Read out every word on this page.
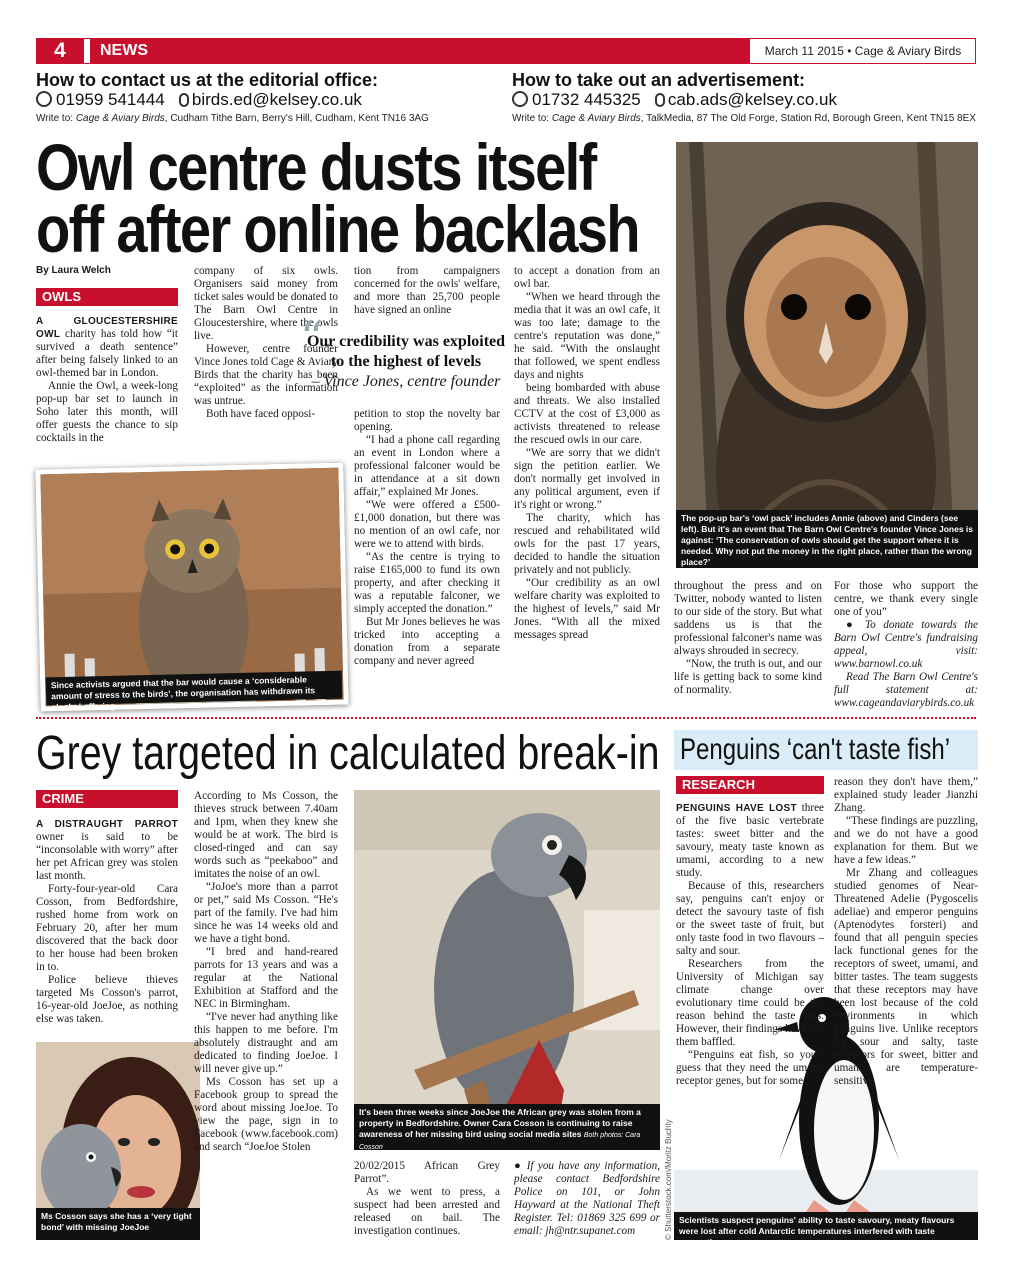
4	NEWS	March 11 2015 • Cage & Aviary Birds
How to contact us at the editorial office:
01959 541444 birds.ed@kelsey.co.uk
Write to: Cage & Aviary Birds, Cudham Tithe Barn, Berry's Hill, Cudham, Kent TN16 3AG
How to take out an advertisement:
01732 445325 cab.ads@kelsey.co.uk
Write to: Cage & Aviary Birds, TalkMedia, 87 The Old Forge, Station Rd, Borough Green, Kent TN15 8EX
Owl centre dusts itself
off after online backlash
The pop-up bar's ‘owl pack’ includes Annie (above) and Cinders (see left). But it's an event that The Barn Owl Centre's founder Vince Jones is against: ‘The conservation of owls should get the support where it is needed. Why not put the money in the right place, rather than the wrong place?’
By Laura Welch
OWLS

A GLOUCESTERSHIRE OWL charity has told how “it survived a death sentence” after being falsely linked to an owl-themed bar in London.

Annie the Owl, a week-long pop-up bar set to launch in Soho later this month, will offer guests the chance to sip cocktails in the

company of six owls. Organisers said money from ticket sales would be donated to The Barn Owl Centre in Gloucestershire, where the owls live.

However, centre founder Vince Jones told Cage & Aviary Birds that the charity has been “exploited” as the information was untrue.

Both have faced opposi-

tion from campaigners concerned for the owls' welfare, and more than 25,700 people have signed an online

“
Our credibility was exploited to the highest of levels
– Vince Jones, centre founder
Since activists argued that the bar would cause a ‘considerable amount of stress to the birds’, the organisation has withdrawn its alcohol offering

petition to stop the novelty bar opening.

“I had a phone call regarding an event in London where a professional falconer would be in attendance at a sit down affair,” explained Mr Jones.

“We were offered a £500-£1,000 donation, but there was no mention of an owl cafe, nor were we to attend with birds.

“As the centre is trying to raise £165,000 to fund its own property, and after checking it was a reputable falconer, we simply accepted the donation.”

But Mr Jones believes he was tricked into accepting a donation from a separate company and never agreed

to accept a donation from an owl bar.

“When we heard through the media that it was an owl cafe, it was too late; damage to the centre's reputation was done,” he said. “With the onslaught that followed, we spent endless days and nights

being bombarded with abuse and threats. We also installed CCTV at the cost of £3,000 as activists threatened to release the rescued owls in our care.

“We are sorry that we didn't sign the petition earlier. We don't normally get involved in any political argument, even if it's right or wrong.”

The charity, which has rescued and rehabilitated wild owls for the past 17 years, decided to handle the situation privately and not publicly.

“Our credibility as an owl welfare charity was exploited to the highest of levels,” said Mr Jones. “With all the mixed messages spread

throughout the press and on Twitter, nobody wanted to listen to our side of the story. But what saddens us is that the professional falconer's name was always shrouded in secrecy.

“Now, the truth is out, and our life is getting back to some kind of normality.

For those who support the centre, we thank every single one of you”

● To donate towards the Barn Owl Centre's fundraising appeal, visit: www.barnowl.co.uk

Read The Barn Owl Centre's full statement at: www.cageandaviarybirds.co.uk

Grey targeted in calculated break-in
CRIME

A DISTRAUGHT PARROT owner is said to be “inconsolable with worry” after her pet African grey was stolen last month.

Forty-four-year-old Cara Cosson, from Bedfordshire, rushed home from work on February 20, after her mum discovered that the back door to her house had been broken in to.

Police believe thieves targeted Ms Cosson's parrot, 16-year-old JoeJoe, as nothing else was taken.

Ms Cosson says she has a ‘very tight bond’ with missing JoeJoe

According to Ms Cosson, the thieves struck between 7.40am and 1pm, when they knew she would be at work. The bird is closed-ringed and can say words such as “peekaboo” and imitates the noise of an owl.

“JoJoe's more than a parrot or pet,” said Ms Cosson. “He's part of the family. I've had him since he was 14 weeks old and we have a tight bond.

“I bred and hand-reared parrots for 13 years and was a regular at the National Exhibition at Stafford and the NEC in Birmingham.

“I've never had anything like this happen to me before. I'm absolutely distraught and am dedicated to finding JoeJoe. I will never give up.”

Ms Cosson has set up a Facebook group to spread the word about missing JoeJoe. To view the page, sign in to Facebook (www.facebook.com) and search “JoeJoe Stolen

It's been three weeks since JoeJoe the African grey was stolen from a property in Bedfordshire. Owner Cara Cosson is continuing to raise awareness of her missing bird using social media sites Both photos: Cara Cosson

20/02/2015 African Grey Parrot”.

As we went to press, a suspect had been arrested and released on bail. The investigation continues.

● If you have any information, please contact Bedfordshire Police on 101, or John Hayward at the National Theft Register. Tel: 01869 325 699 or email: jh@ntr.supanet.com

Penguins ‘can't taste fish’
RESEARCH
© Shutterstock.com/Moritz Buchty

PENGUINS HAVE LOST three of the five basic vertebrate tastes: sweet bitter and the savoury, meaty taste known as umami, according to a new study.

Because of this, researchers say, penguins can't enjoy or detect the savoury taste of fish or the sweet taste of fruit, but only taste food in two flavours – salty and sour.

Researchers from the University of Michigan say climate change over evolutionary time could be the reason behind the taste loss. However, their findings have left them baffled.

“Penguins eat fish, so you'd guess that they need the umami receptor genes, but for some

reason they don't have them,” explained study leader Jianzhi Zhang.

“These findings are puzzling, and we do not have a good explanation for them. But we have a few ideas.”

Mr Zhang and colleagues studied genomes of Near-Threatened Adelie (Pygoscelis adeliae) and emperor penguins (Aptenodytes forsteri) and found that all penguin species lack functional genes for the receptors of sweet, umami, and bitter tastes. The team suggests that these receptors may have been lost because of the cold environments in which penguins live. Unlike receptors for sour and salty, taste receptors for sweet, bitter and umami are temperature-sensitive.

Scientists suspect penguins' ability to taste savoury, meaty flavours were lost after cold Antarctic temperatures interfered with taste perception
